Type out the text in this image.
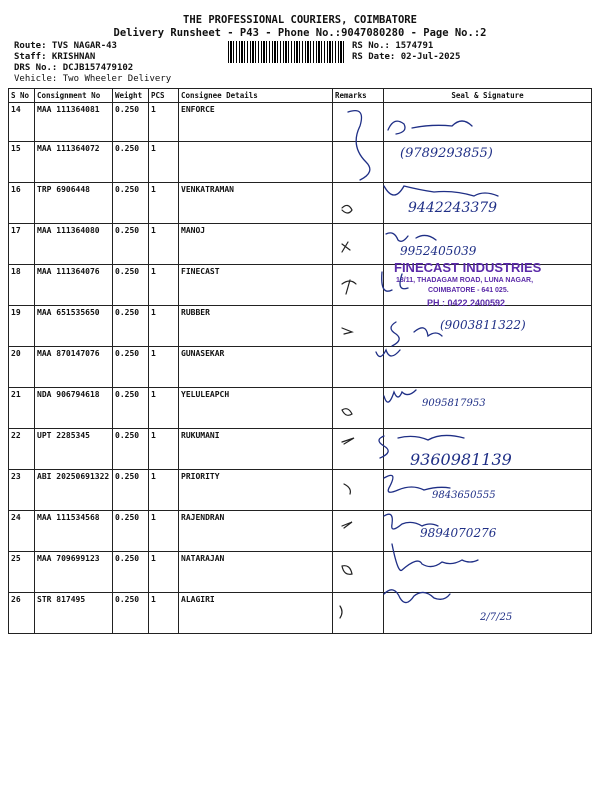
THE PROFESSIONAL COURIERS, COIMBATORE
Delivery Runsheet - P43 - Phone No.:9047080280 - Page No.:2
Route: TVS NAGAR-43
Staff: KRISHNAN
DRS No.: DCJB157479102
Vehicle: Two Wheeler Delivery
RS No.: 1574791
RS Date: 02-Jul-2025
S No	Consignment No	Weight	PCS	Consignee Details	Remarks	Seal & Signature
14	MAA 111364081	0.250	1	ENFORCE		
15	MAA 111364072	0.250	1			
16	TRP 6906448	0.250	1	VENKATRAMAN		
17	MAA 111364080	0.250	1	MANOJ		
18	MAA 111364076	0.250	1	FINECAST		
19	MAA 651535650	0.250	1	RUBBER		
20	MAA 870147076	0.250	1	GUNASEKAR		
21	NDA 906794618	0.250	1	YELULEAPCH		
22	UPT 2285345	0.250	1	RUKUMANI		
23	ABI 20250691322	0.250	1	PRIORITY		
24	MAA 111534568	0.250	1	RAJENDRAN		
25	MAA 709699123	0.250	1	NATARAJAN		
26	STR 817495	0.250	1	ALAGIRI		
FINECAST INDUSTRIES
18/11, THADAGAM ROAD, LUNA NAGAR,
COIMBATORE - 641 025.
PH : 0422 2400592
(9789293855)
9442243379
9952405039
(9003811322)
9095817953
9360981139
9843650555
9894070276
2/7/25
